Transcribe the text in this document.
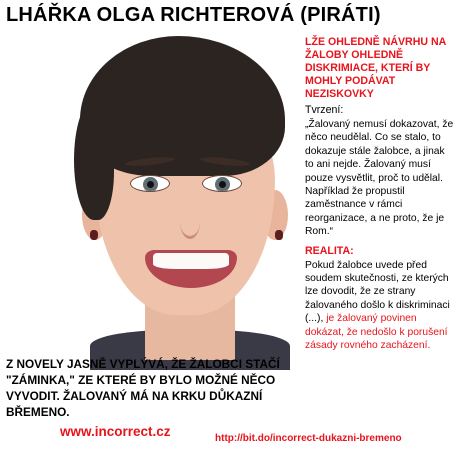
LHÁŘKA OLGA RICHTEROVÁ (PIRÁTI)
LŽE OHLEDNĚ NÁVRHU NA ŽALOBY OHLEDNĚ DISKRIMIACE, KTERÍ BY MOHLY PODÁVAT NEZISKOVKY
Tvrzení:
„Žalovaný nemusí dokazovat, že něco neudělal. Co se stalo, to dokazuje stále žalobce, a jinak to ani nejde. Žalovaný musí pouze vysvětlit, proč to udělal. Například že propustil zaměstnance v rámci reorganizace, a ne proto, že je Rom.“
REALITA:
Pokud žalobce uvede před soudem skutečnosti, ze kterých lze dovodit, že ze strany žalovaného došlo k diskriminaci (...), je žalovaný povinen dokázat, že nedošlo k porušení zásady rovného zacházení.
Z NOVELY JASNĚ VYPLÝVÁ, ŽE ŽALOBCI STAČÍ "ZÁMINKA," ZE KTERÉ BY BYLO MOŽNÉ NĚCO VYVODIT. ŽALOVANÝ MÁ NA KRKU DŮKAZNÍ BŘEMENO.
www.incorrect.cz	http://bit.do/incorrect-dukazni-bremeno
